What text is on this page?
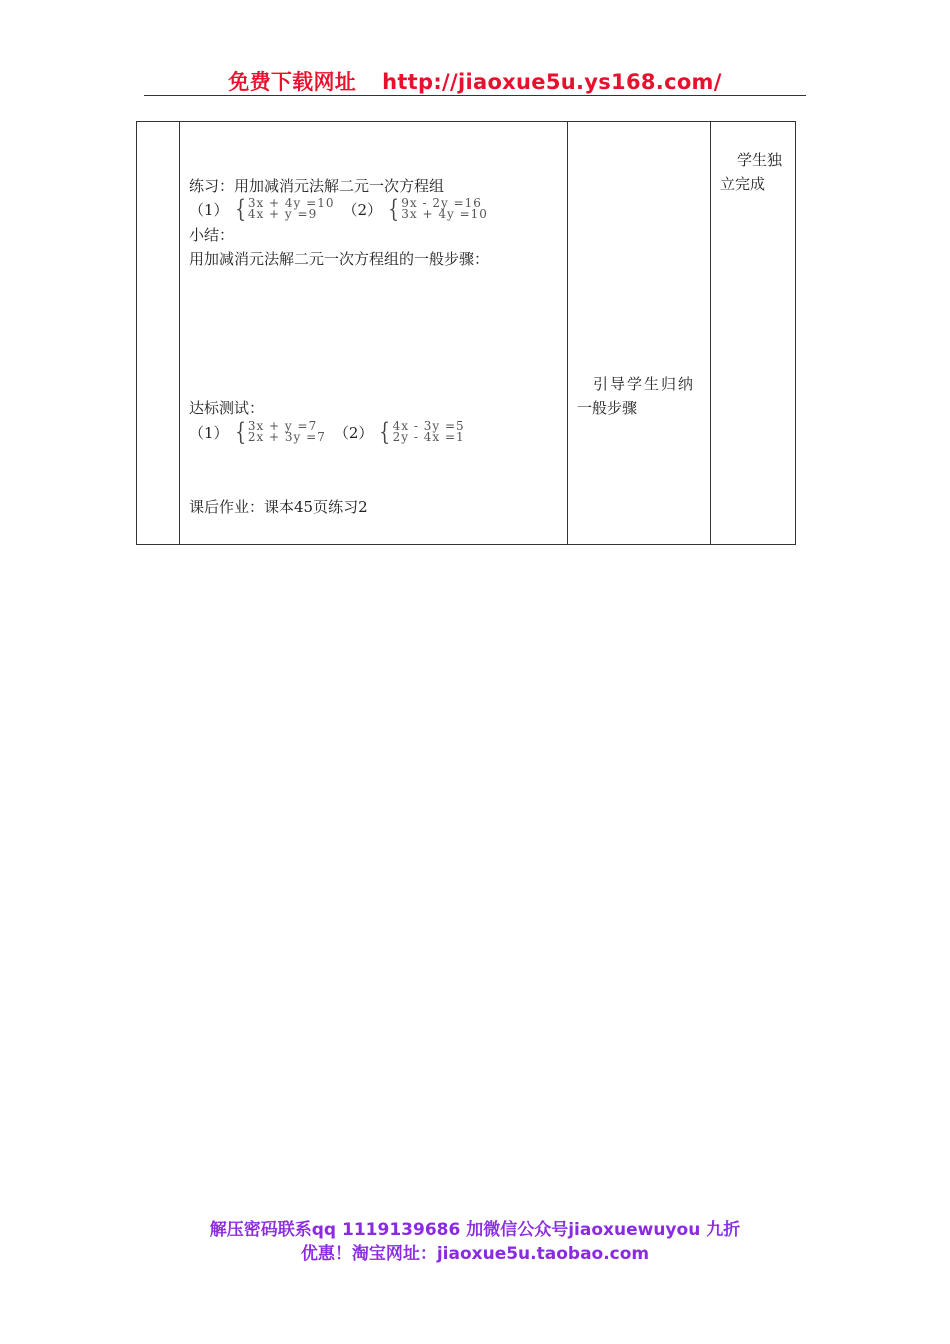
免费下载网址 http://jiaoxue5u.ys168.com/
练习：用加减消元法解二元一次方程组
（1） { 3x + 4y =10
4x + y =9	（2） { 9x - 2y =16
3x + 4y =10
小结：
用加减消元法解二元一次方程组的一般步骤：
达标测试：
（1） { 3x + y =7
2x + 3y =7 （2） { 4x - 3y =5
2y - 4x =1
课后作业：课本45页练习2
引导学生归纳
一般步骤
学生独
立完成
解压密码联系qq 1119139686 加微信公众号jiaoxuewuyou 九折
优惠！淘宝网址：jiaoxue5u.taobao.com
